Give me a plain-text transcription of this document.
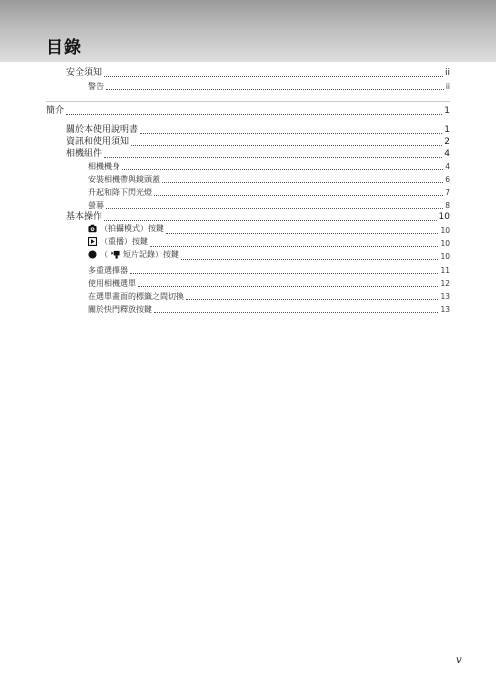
目錄
安全須知	ii
警告	ii
簡介	1
關於本使用說明書	1
資訊和使用須知	2
相機組件	4
相機機身	4
安裝相機帶與鏡頭蓋	6
升起和降下閃光燈	7
螢幕	8
基本操作	10
（拍攝模式）按鍵	10
（重播）按鍵	10
（ 短片記錄）按鍵	10
多重選擇器	11
使用相機選單	12
在選單畫面的標籤之間切換	13
關於快門釋放按鍵	13
v
